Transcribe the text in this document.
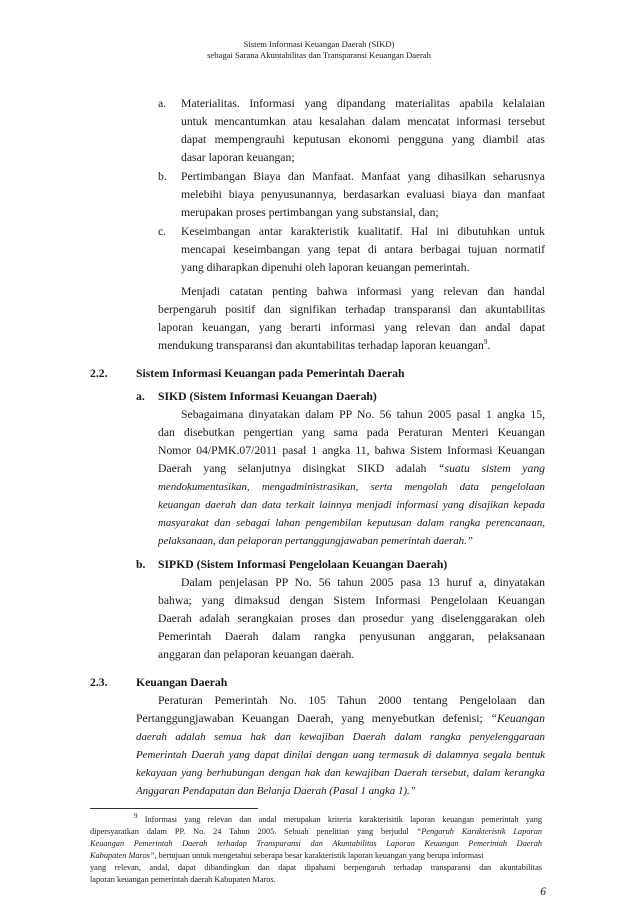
Sistem Informasi Keuangan Daerah (SIKD)
sebagai Sarana Akuntabilitas dan Transparansi Keuangan Daerah
a. Materialitas. Informasi yang dipandang materialitas apabila kelalaian
untuk mencantumkan atau kesalahan dalam mencatat informasi tersebut
dapat mempengrauhi keputusan ekonomi pengguna yang diambil atas
dasar laporan keuangan;
b. Pertimbangan Biaya dan Manfaat. Manfaat yang dihasilkan seharusnya
melebihi biaya penyusunannya, berdasarkan evaluasi biaya dan manfaat
merupakan proses pertimbangan yang substansial, dan;
c. Keseimbangan antar karakteristik kualitatif. Hal ini dibutuhkan untuk
mencapai keseimbangan yang tepat di antara berbagai tujuan normatif
yang diharapkan dipenuhi oleh laporan keuangan pemerintah.
Menjadi catatan penting bahwa informasi yang relevan dan handal
berpengaruh positif dan signifikan terhadap transparansi dan akuntabilitas
laporan keuangan, yang berarti informasi yang relevan dan andal dapat
mendukung transparansi dan akuntabilitas terhadap laporan keuangan$^9$.
2.2. Sistem Informasi Keuangan pada Pemerintah Daerah
a. SIKD (Sistem Informasi Keuangan Daerah)
Sebagaimana dinyatakan dalam PP No. 56 tahun 2005 pasal 1 angka 15,
dan disebutkan pengertian yang sama pada Peraturan Menteri Keuangan
Nomor 04/PMK.07/2011 pasal 1 angka 11, bahwa Sistem Informasi Keuangan
Daerah yang selanjutnya disingkat SIKD adalah “suatu sistem yang
mendokumentasikan, mengadministrasikan, serta mengolah data pengelolaan
keuangan daerah dan data terkait lainnya menjadi informasi yang disajikan kepada
masyarakat dan sebagai lahan pengembilan keputusan dalam rangka perencanaan,
pelaksanaan, dan pelaporan pertanggungjawaban pemerintah daerah.”
b. SIPKD (Sistem Informasi Pengelolaan Keuangan Daerah)
Dalam penjelasan PP No. 56 tahun 2005 pasa 13 huruf a, dinyatakan
bahwa; yang dimaksud dengan Sistem Informasi Pengelolaan Keuangan
Daerah adalah serangkaian proses dan prosedur yang diselenggarakan oleh
Pemerintah Daerah dalam rangka penyusunan anggaran, pelaksanaan
anggaran dan pelaporan keuangan daerah.
2.3. Keuangan Daerah
Peraturan Pemerintah No. 105 Tahun 2000 tentang Pengelolaan dan
Pertanggungjawaban Keuangan Daerah, yang menyebutkan defenisi; “Keuangan
daerah adalah semua hak dan kewajiban Daerah dalam rangka penyelenggaraan
Pemerintah Daerah yang dapat dinilai dengan uang termasuk di dalamnya segala bentuk
kekayaan yang berhubungan dengan hak dan kewajiban Daerah tersebut, dalam kerangka
Anggaran Pendapatan dan Belanja Daerah (Pasal 1 angka 1).”
$^9$ Informasi yang relevan dan andal merupakan kriteria karakterisitik laporan keuangan pemerintah yang
dipersyaratkan dalam PP. No. 24 Tahun 2005. Sebuah penelitian yang berjudul “Pengaruh Karakteristik Laporan
Keuangan Pemerintah Daerah terhadap Transparansi dan Akuntabilitas Laporan Keuangan Pemerintah Daerah
Kabupaten Maros”, bertujuan untuk mengetahui seberapa besar karakteristik laporan keuangan yang berupa informasi
yang relevan, andal, dapat dibandingkan dan dapat dipahami berpengaruh terhadap transparansi dan akuntabilitas
laporan keuangan pemerintah daerah Kabupaten Maros.
6
